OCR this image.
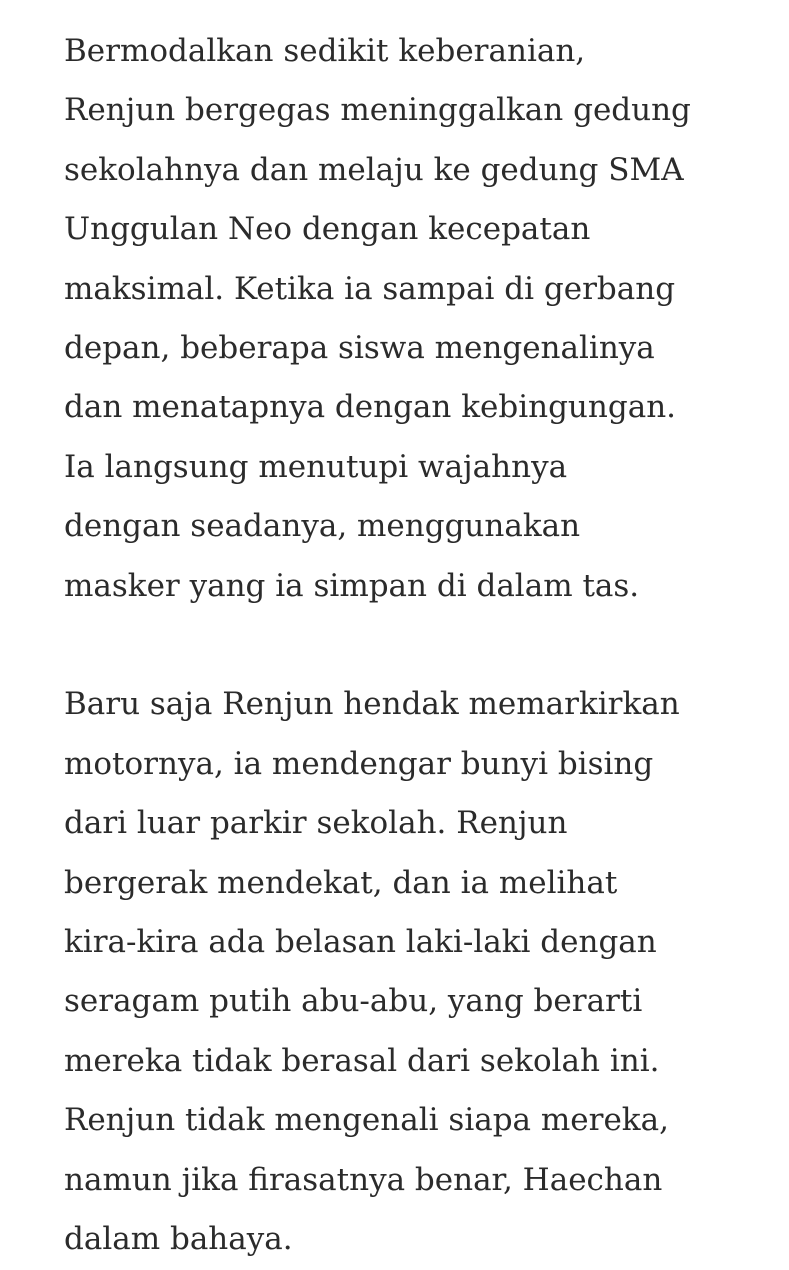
Bermodalkan sedikit keberanian,
Renjun bergegas meninggalkan gedung
sekolahnya dan melaju ke gedung SMA
Unggulan Neo dengan kecepatan
maksimal. Ketika ia sampai di gerbang
depan, beberapa siswa mengenalinya
dan menatapnya dengan kebingungan.
Ia langsung menutupi wajahnya
dengan seadanya, menggunakan
masker yang ia simpan di dalam tas.

Baru saja Renjun hendak memarkirkan
motornya, ia mendengar bunyi bising
dari luar parkir sekolah. Renjun
bergerak mendekat, dan ia melihat
kira-kira ada belasan laki-laki dengan
seragam putih abu-abu, yang berarti
mereka tidak berasal dari sekolah ini.
Renjun tidak mengenali siapa mereka,
namun jika firasatnya benar, Haechan
dalam bahaya.
